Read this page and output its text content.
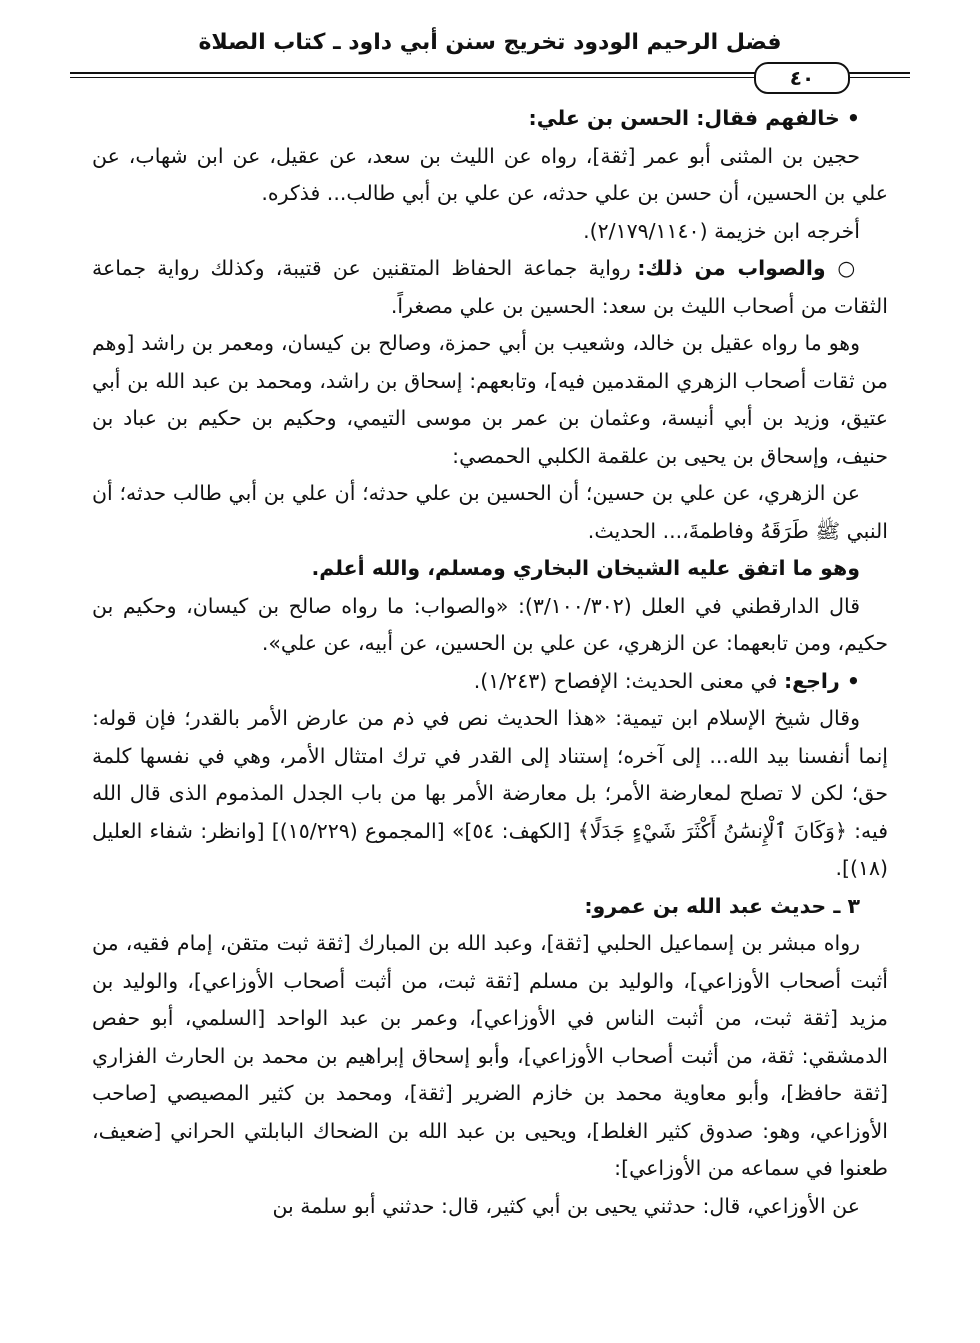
فضل الرحيم الودود تخريج سنن أبي داود ـ كتاب الصلاة
٤٠

• خالفهم فقال: الحسن بن علي:

حجين بن المثنى أبو عمر [ثقة]، رواه عن الليث بن سعد، عن عقيل، عن ابن شهاب، عن علي بن الحسين، أن حسن بن علي حدثه، عن علي بن أبي طالب... فذكره.

أخرجه ابن خزيمة (٢/١٧٩/١١٤٠).

○ والصواب من ذلك: رواية جماعة الحفاظ المتقنين عن قتيبة، وكذلك رواية جماعة الثقات من أصحاب الليث بن سعد: الحسين بن علي مصغراً.

وهو ما رواه عقيل بن خالد، وشعيب بن أبي حمزة، وصالح بن كيسان، ومعمر بن راشد [وهم من ثقات أصحاب الزهري المقدمين فيه]، وتابعهم: إسحاق بن راشد، ومحمد بن عبد الله بن أبي عتيق، وزيد بن أبي أنيسة، وعثمان بن عمر بن موسى التيمي، وحكيم بن حكيم بن عباد بن حنيف، وإسحاق بن يحيى بن علقمة الكلبي الحمصي:

عن الزهري، عن علي بن حسين؛ أن الحسين بن علي حدثه؛ أن علي بن أبي طالب حدثه؛ أن النبي ﷺ طَرَقَهُ وفاطمةَ،... الحديث.

وهو ما اتفق عليه الشيخان البخاري ومسلم، والله أعلم.

قال الدارقطني في العلل (٣/١٠٠/٣٠٢): «والصواب: ما رواه صالح بن كيسان، وحكيم بن حكيم، ومن تابعهما: عن الزهري، عن علي بن الحسين، عن أبيه، عن علي».

• راجع: في معنى الحديث: الإفصاح (١/٢٤٣).

وقال شيخ الإسلام ابن تيمية: «هذا الحديث نص في ذم من عارض الأمر بالقدر؛ فإن قوله: إنما أنفسنا بيد الله... إلى آخره؛ إستناد إلى القدر في ترك امتثال الأمر، وهي في نفسها كلمة حق؛ لكن لا تصلح لمعارضة الأمر؛ بل معارضة الأمر بها من باب الجدل المذموم الذى قال الله فيه: ﴿وَكَانَ ٱلْإِنسَٰنُ أَكْثَرَ شَيْءٍ جَدَلًا﴾ [الكهف: ٥٤]» [المجموع (١٥/٢٢٩)] [وانظر: شفاء العليل (١٨)].

٣ ـ حديث عبد الله بن عمرو:

رواه مبشر بن إسماعيل الحلبي [ثقة]، وعبد الله بن المبارك [ثقة ثبت متقن، إمام فقيه، من أثبت أصحاب الأوزاعي]، والوليد بن مسلم [ثقة ثبت، من أثبت أصحاب الأوزاعي]، والوليد بن مزيد [ثقة ثبت، من أثبت الناس في الأوزاعي]، وعمر بن عبد الواحد [السلمي، أبو حفص الدمشقي: ثقة، من أثبت أصحاب الأوزاعي]، وأبو إسحاق إبراهيم بن محمد بن الحارث الفزاري [ثقة حافظ]، وأبو معاوية محمد بن خازم الضرير [ثقة]، ومحمد بن كثير المصيصي [صاحب الأوزاعي، وهو: صدوق كثير الغلط]، ويحيى بن عبد الله بن الضحاك البابلتي الحراني [ضعيف، طعنوا في سماعه من الأوزاعي]:

عن الأوزاعي، قال: حدثني يحيى بن أبي كثير، قال: حدثني أبو سلمة بن
